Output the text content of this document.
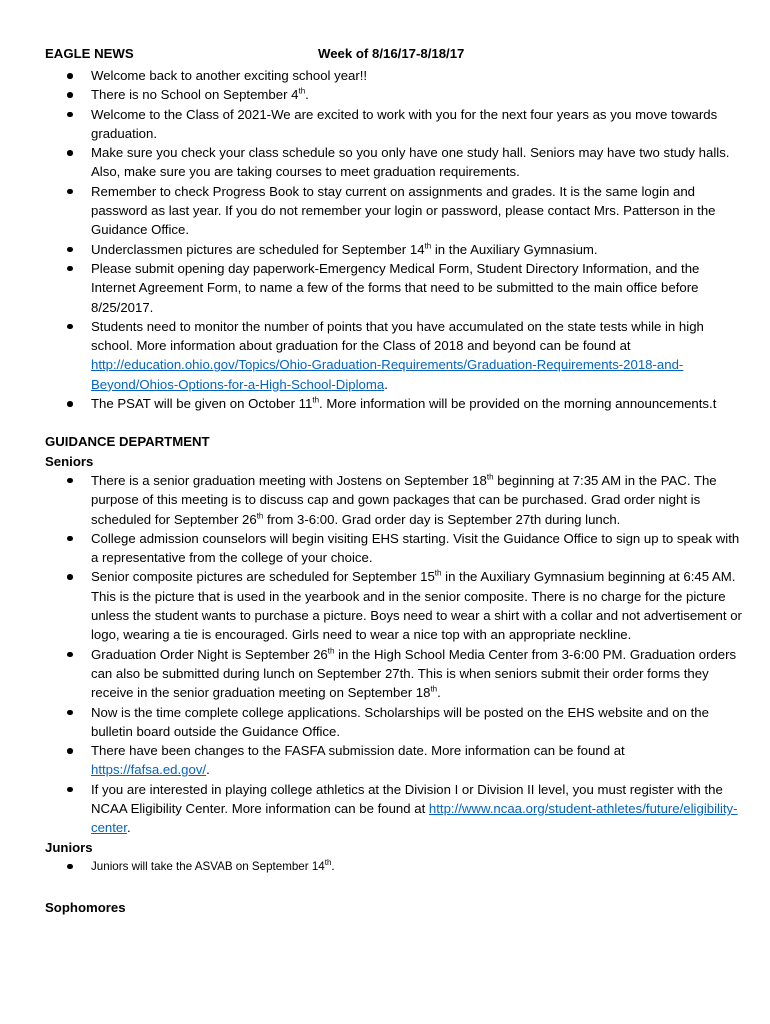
EAGLE NEWS	Week of 8/16/17-8/18/17
Welcome back to another exciting school year!!
There is no School on September 4th.
Welcome to the Class of 2021-We are excited to work with you for the next four years as you move towards graduation.
Make sure you check your class schedule so you only have one study hall. Seniors may have two study halls. Also, make sure you are taking courses to meet graduation requirements.
Remember to check Progress Book to stay current on assignments and grades. It is the same login and password as last year. If you do not remember your login or password, please contact Mrs. Patterson in the Guidance Office.
Underclassmen pictures are scheduled for September 14th in the Auxiliary Gymnasium.
Please submit opening day paperwork-Emergency Medical Form, Student Directory Information, and the Internet Agreement Form, to name a few of the forms that need to be submitted to the main office before 8/25/2017.
Students need to monitor the number of points that you have accumulated on the state tests while in high school. More information about graduation for the Class of 2018 and beyond can be found at http://education.ohio.gov/Topics/Ohio-Graduation-Requirements/Graduation-Requirements-2018-and-Beyond/Ohios-Options-for-a-High-School-Diploma.
The PSAT will be given on October 11th. More information will be provided on the morning announcements.t
GUIDANCE DEPARTMENT
Seniors
There is a senior graduation meeting with Jostens on September 18th beginning at 7:35 AM in the PAC. The purpose of this meeting is to discuss cap and gown packages that can be purchased. Grad order night is scheduled for September 26th from 3-6:00. Grad order day is September 27th during lunch.
College admission counselors will begin visiting EHS starting. Visit the Guidance Office to sign up to speak with a representative from the college of your choice.
Senior composite pictures are scheduled for September 15th in the Auxiliary Gymnasium beginning at 6:45 AM. This is the picture that is used in the yearbook and in the senior composite. There is no charge for the picture unless the student wants to purchase a picture. Boys need to wear a shirt with a collar and not advertisement or logo, wearing a tie is encouraged. Girls need to wear a nice top with an appropriate neckline.
Graduation Order Night is September 26th in the High School Media Center from 3-6:00 PM. Graduation orders can also be submitted during lunch on September 27th. This is when seniors submit their order forms they receive in the senior graduation meeting on September 18th.
Now is the time complete college applications. Scholarships will be posted on the EHS website and on the bulletin board outside the Guidance Office.
There have been changes to the FASFA submission date. More information can be found at https://fafsa.ed.gov/.
If you are interested in playing college athletics at the Division I or Division II level, you must register with the NCAA Eligibility Center. More information can be found at http://www.ncaa.org/student-athletes/future/eligibility-center.
Juniors
Juniors will take the ASVAB on September 14th.
Sophomores
